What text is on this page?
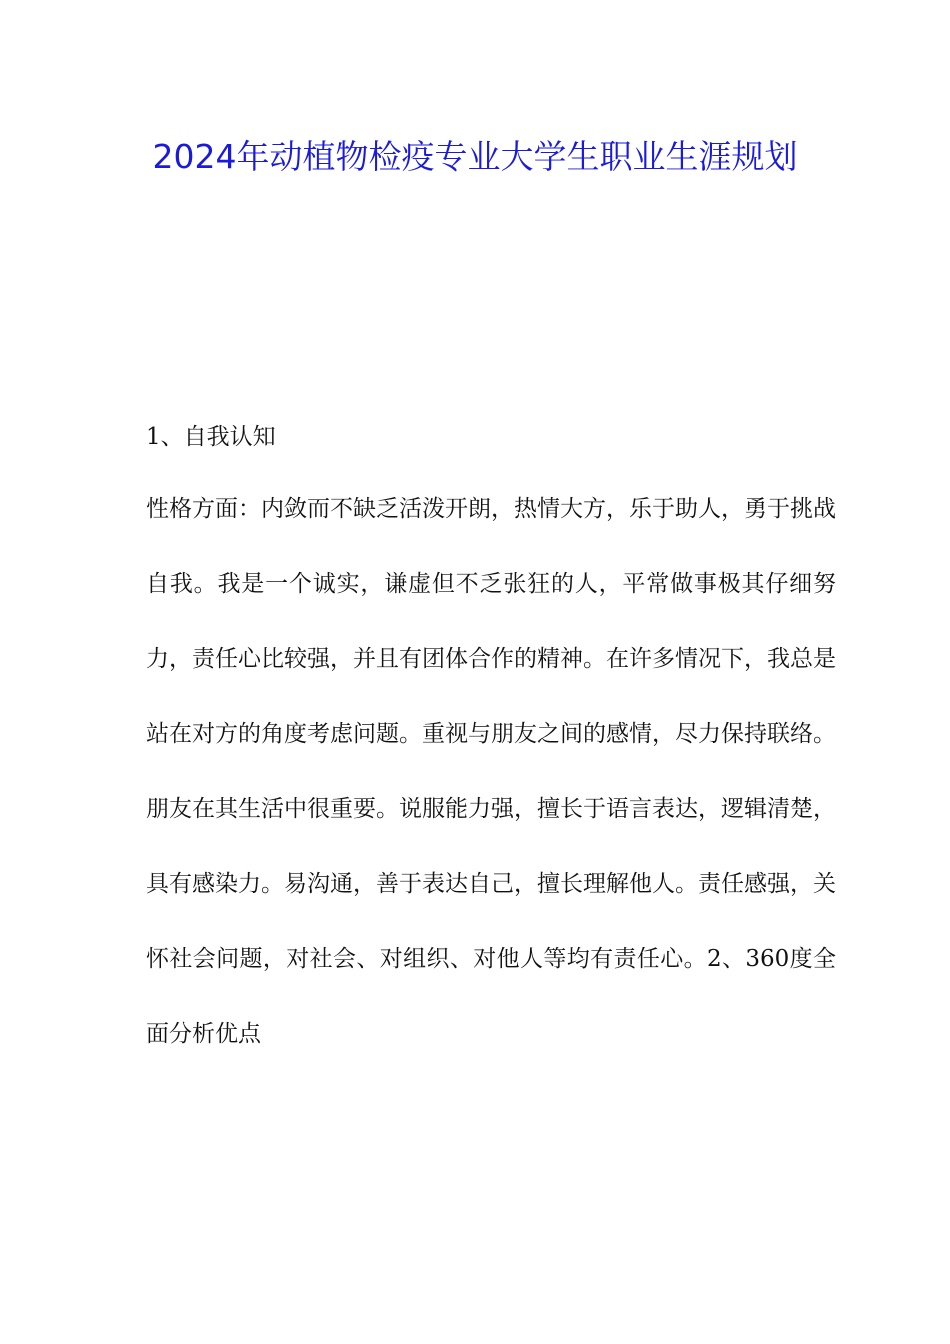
2024年动植物检疫专业大学生职业生涯规划

1、自我认知

性格方面：内敛而不缺乏活泼开朗，热情大方，乐于助人，勇于挑战自我。我是一个诚实，谦虚但不乏张狂的人，平常做事极其仔细努力，责任心比较强，并且有团体合作的精神。在许多情况下，我总是站在对方的角度考虑问题。重视与朋友之间的感情，尽力保持联络。朋友在其生活中很重要。说服能力强，擅长于语言表达，逻辑清楚，具有感染力。易沟通，善于表达自己，擅长理解他人。责任感强，关怀社会问题，对社会、对组织、对他人等均有责任心。2、360度全面分析优点
